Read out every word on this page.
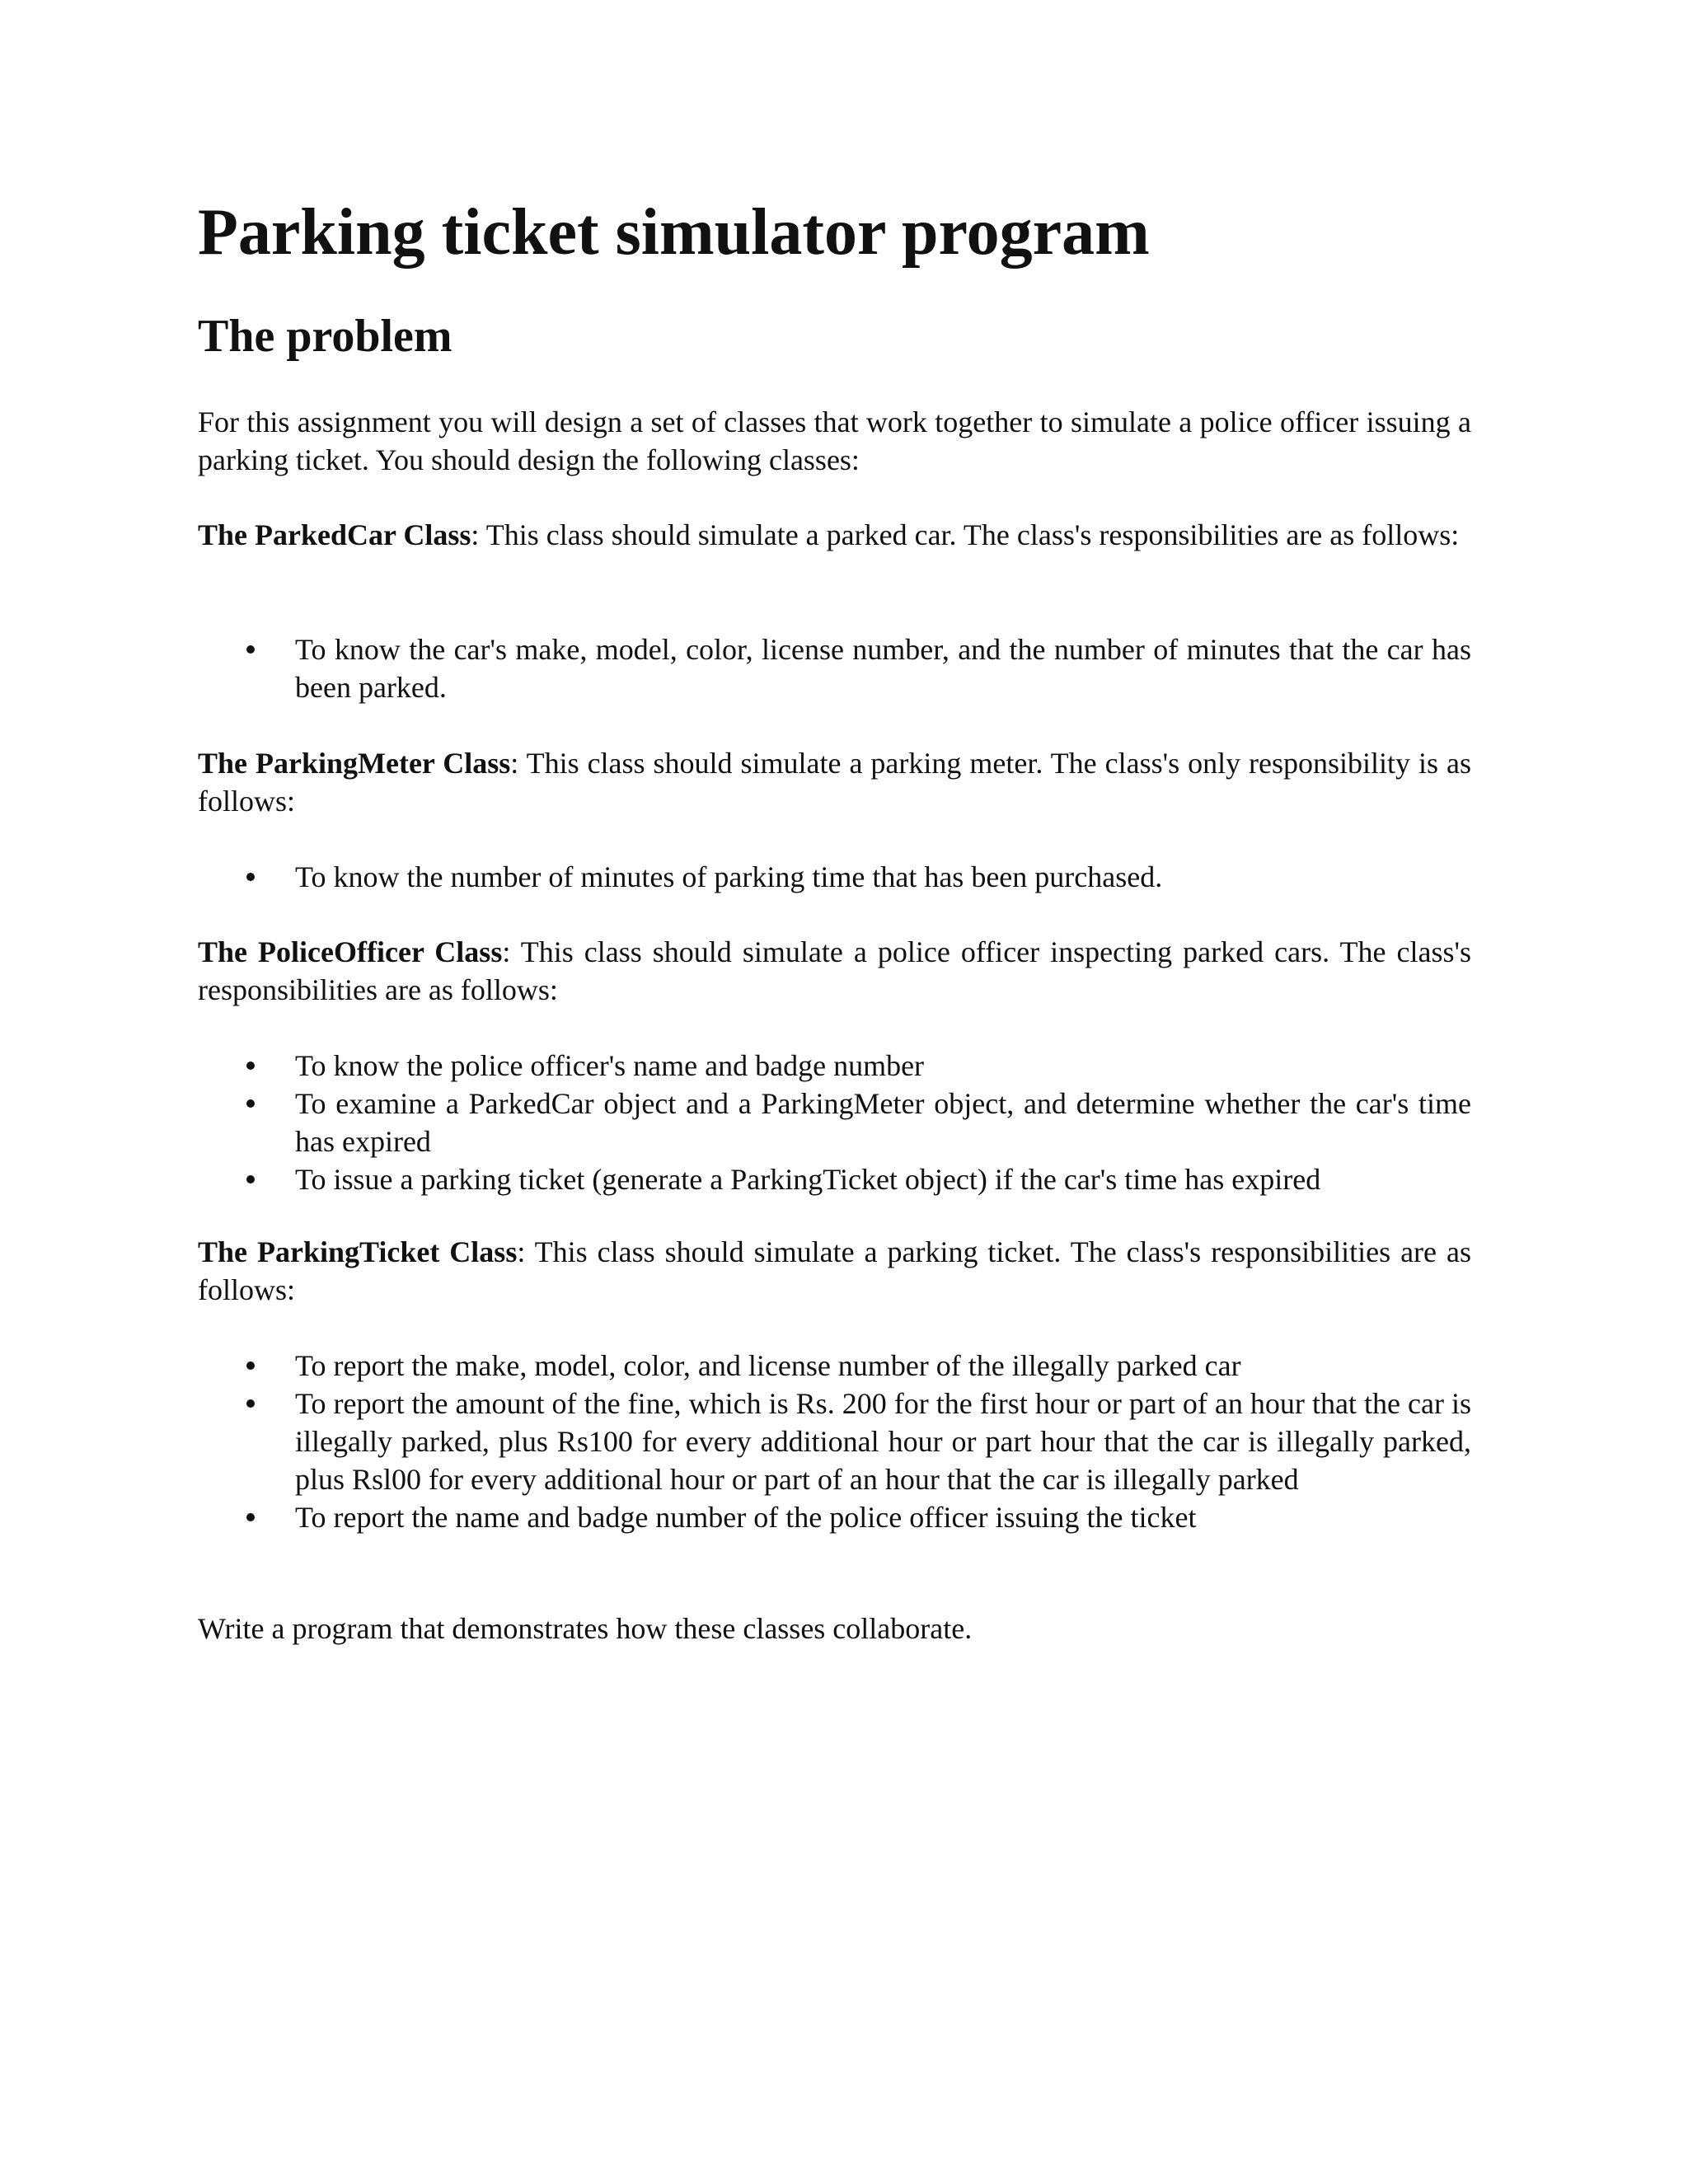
Parking ticket simulator program
The problem

For this assignment you will design a set of classes that work together to simulate a police officer issuing a parking ticket. You should design the following classes:

The ParkedCar Class: This class should simulate a parked car. The class's responsibilities are as follows:

To know the car's make, model, color, license number, and the number of minutes that the car has been parked.

The ParkingMeter Class: This class should simulate a parking meter. The class's only responsibility is as follows:

To know the number of minutes of parking time that has been purchased.

The PoliceOfficer Class: This class should simulate a police officer inspecting parked cars. The class's responsibilities are as follows:

To know the police officer's name and badge number
To examine a ParkedCar object and a ParkingMeter object, and determine whether the car's time has expired
To issue a parking ticket (generate a ParkingTicket object) if the car's time has expired

The ParkingTicket Class: This class should simulate a parking ticket. The class's responsibilities are as follows:

To report the make, model, color, and license number of the illegally parked car
To report the amount of the fine, which is Rs. 200 for the first hour or part of an hour that the car is illegally parked, plus Rs100 for every additional hour or part hour that the car is illegally parked, plus Rsl00 for every additional hour or part of an hour that the car is illegally parked
To report the name and badge number of the police officer issuing the ticket

Write a program that demonstrates how these classes collaborate.
